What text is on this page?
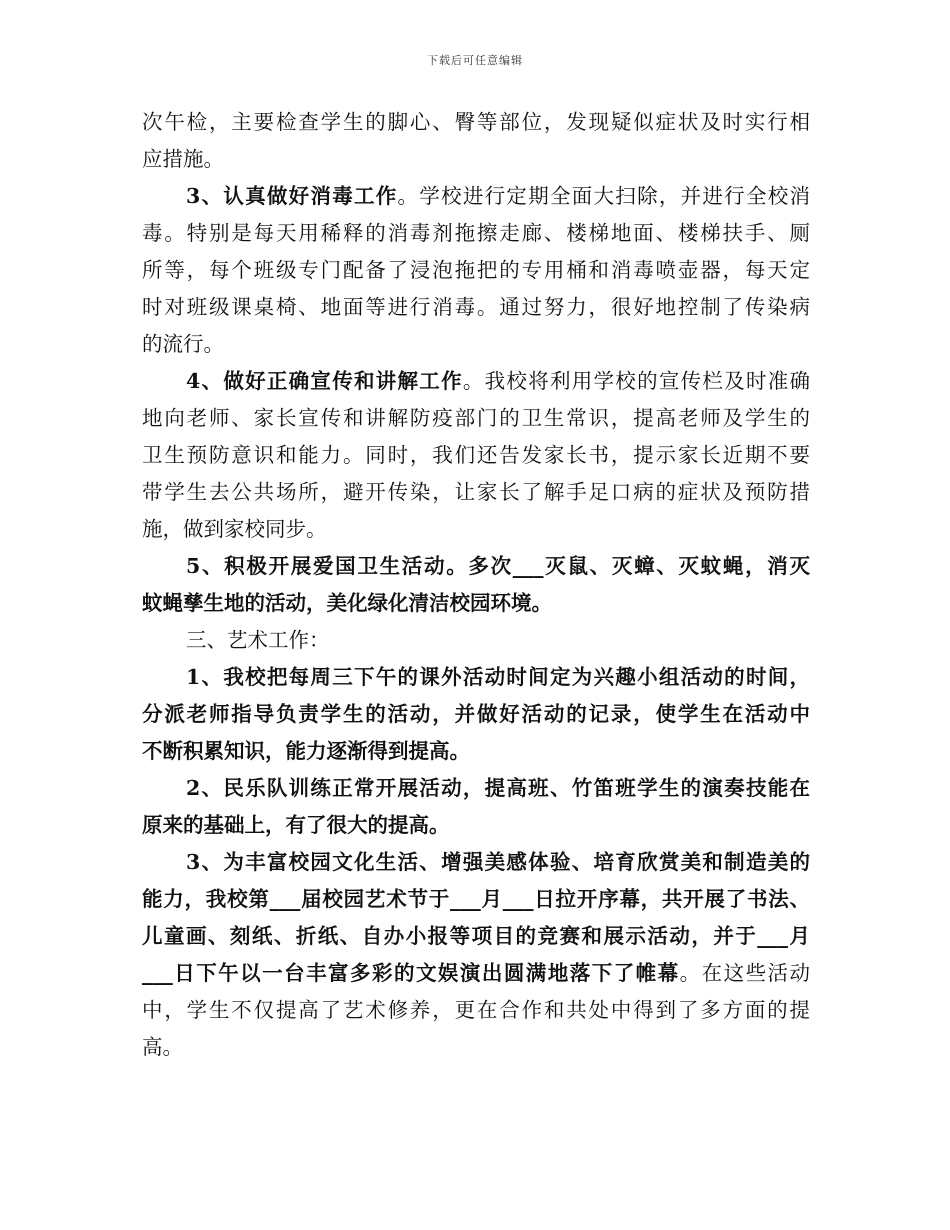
下载后可任意编辑
次午检，主要检查学生的脚心、臀等部位，发现疑似症状及时实行相
应措施。
3、认真做好消毒工作。学校进行定期全面大扫除，并进行全校消
毒。特别是每天用稀释的消毒剂拖擦走廊、楼梯地面、楼梯扶手、厕
所等，每个班级专门配备了浸泡拖把的专用桶和消毒喷壶器，每天定
时对班级课桌椅、地面等进行消毒。通过努力，很好地控制了传染病
的流行。
4、做好正确宣传和讲解工作。我校将利用学校的宣传栏及时准确
地向老师、家长宣传和讲解防疫部门的卫生常识，提高老师及学生的
卫生预防意识和能力。同时，我们还告发家长书，提示家长近期不要
带学生去公共场所，避开传染，让家长了解手足口病的症状及预防措
施，做到家校同步。
5、积极开展爱国卫生活动。多次___灭鼠、灭蟑、灭蚊蝇，消灭
蚊蝇孳生地的活动，美化绿化清洁校园环境。
三、艺术工作：
1、我校把每周三下午的课外活动时间定为兴趣小组活动的时间，
分派老师指导负责学生的活动，并做好活动的记录，使学生在活动中
不断积累知识，能力逐渐得到提高。
2、民乐队训练正常开展活动，提高班、竹笛班学生的演奏技能在
原来的基础上，有了很大的提高。
3、为丰富校园文化生活、增强美感体验、培育欣赏美和制造美的
能力，我校第___届校园艺术节于___月___日拉开序幕，共开展了书法、
儿童画、刻纸、折纸、自办小报等项目的竞赛和展示活动，并于___月
___日下午以一台丰富多彩的文娱演出圆满地落下了帷幕。在这些活动
中，学生不仅提高了艺术修养，更在合作和共处中得到了多方面的提
高。
